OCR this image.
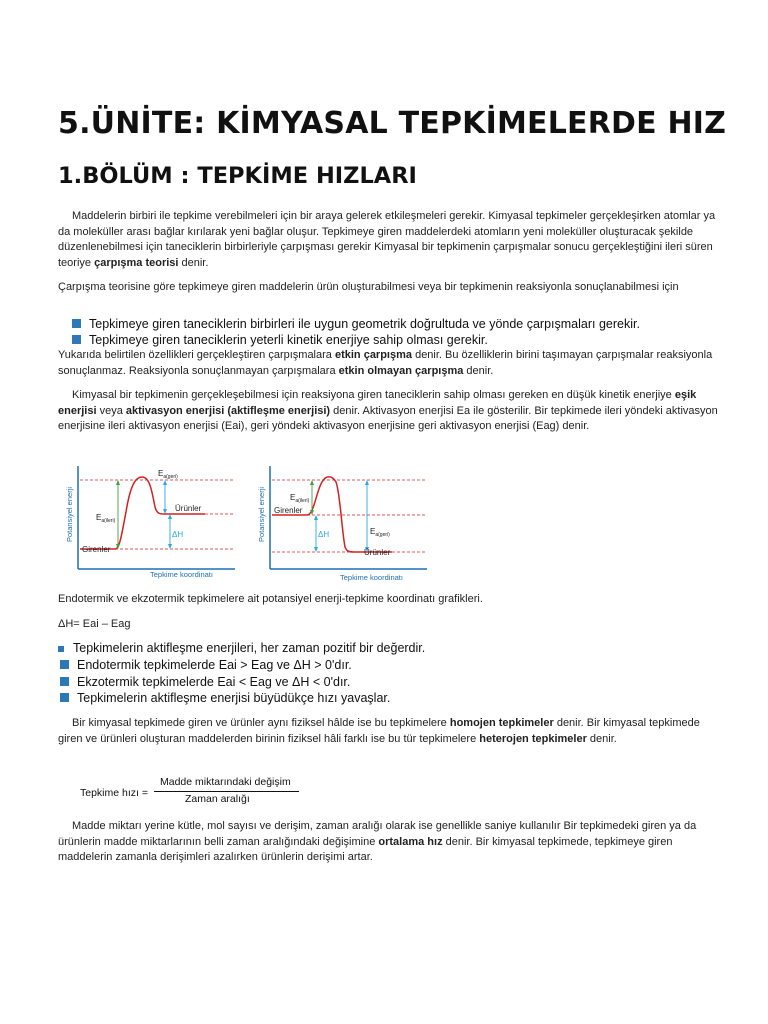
5.ÜNİTE: KİMYASAL TEPKİMELERDE HIZ
1.BÖLÜM : TEPKİME HIZLARI
Maddelerin birbiri ile tepkime verebilmeleri için bir araya gelerek etkileşmeleri gerekir. Kimyasal tepkimeler gerçekleşirken atomlar ya da moleküller arası bağlar kırılarak yeni bağlar oluşur. Tepkimeye giren maddelerdeki atomların yeni moleküller oluşturacak şekilde düzenlenebilmesi için taneciklerin birbirleriyle çarpışması gerekir Kimyasal bir tepkimenin çarpışmalar sonucu gerçekleştiğini ileri süren teoriye çarpışma teorisi denir.
Çarpışma teorisine göre tepkimeye giren maddelerin ürün oluşturabilmesi veya bir tepkimenin reaksiyonla sonuçlanabilmesi için
Tepkimeye giren taneciklerin birbirleri ile uygun geometrik doğrultuda ve yönde çarpışmaları gerekir.
Tepkimeye giren taneciklerin yeterli kinetik enerjiye sahip olması gerekir.
Yukarıda belirtilen özellikleri gerçekleştiren çarpışmalara etkin çarpışma denir. Bu özelliklerin birini taşımayan çarpışmalar reaksiyonla sonuçlanmaz. Reaksiyonla sonuçlanmayan çarpışmalara etkin olmayan çarpışma denir.
Kimyasal bir tepkimenin gerçekleşebilmesi için reaksiyona giren taneciklerin sahip olması gereken en düşük kinetik enerjiye eşik enerjisi veya aktivasyon enerjisi (aktifleşme enerjisi) denir. Aktivasyon enerjisi Ea ile gösterilir. Bir tepkimede ileri yöndeki aktivasyon enerjisine ileri aktivasyon enerjisi (Eai), geri yöndeki aktivasyon enerjisine geri aktivasyon enerjisi (Eag) denir.
Potansiyel enerji
Tepkime koordinatı
Girenler
Ürünler
$E_{a(ileri)}$
$E_{a(geri)}$
ΔH	Potansiyel enerji
Tepkime koordinatı
Girenler
Ürünler
$E_{a(ileri)}$
$E_{a(geri)}$
ΔH
Endotermik ve ekzotermik tepkimelere ait potansiyel enerji-tepkime koordinatı grafikleri.
ΔH= Eai – Eag
Tepkimelerin aktifleşme enerjileri, her zaman pozitif bir değerdir.
Endotermik tepkimelerde Eai > Eag ve ΔH > 0'dır.
Ekzotermik tepkimelerde Eai < Eag ve ΔH < 0'dır.
Tepkimelerin aktifleşme enerjisi büyüdükçe hızı yavaşlar.
Bir kimyasal tepkimede giren ve ürünler aynı fiziksel hâlde ise bu tepkimelere homojen tepkimeler denir. Bir kimyasal tepkimede giren ve ürünleri oluşturan maddelerden birinin fiziksel hâli farklı ise bu tür tepkimelere heterojen tepkimeler denir.
Tepkime hızı =
Madde miktarındaki değişim
Zaman aralığı
Madde miktarı yerine kütle, mol sayısı ve derişim, zaman aralığı olarak ise genellikle saniye kullanılır Bir tepkimedeki giren ya da ürünlerin madde miktarlarının belli zaman aralığındaki değişimine ortalama hız denir. Bir kimyasal tepkimede, tepkimeye giren maddelerin zamanla derişimleri azalırken ürünlerin derişimi artar.
